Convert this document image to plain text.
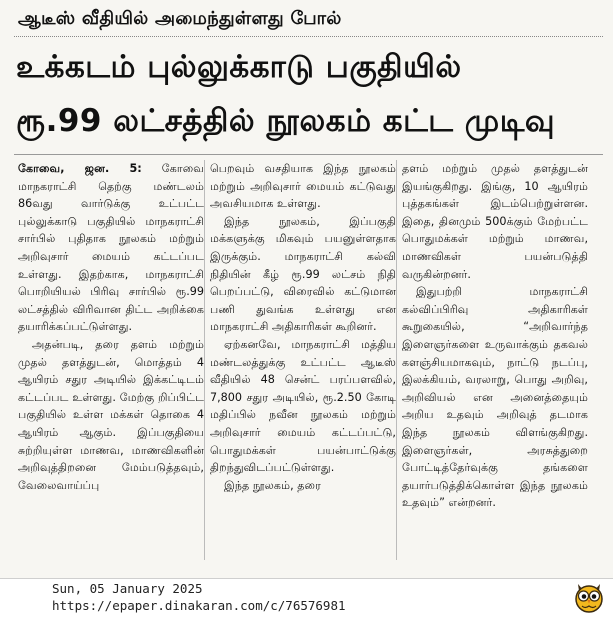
ஆடீஸ் வீதியில் அமைந்துள்ளது போல்
உக்கடம் புல்லுக்காடு பகுதியில்
ரூ.99 லட்சத்தில் நூலகம் கட்ட முடிவு

கோவை, ஜன. 5: கோவை மாநகராட்சி தெற்கு மண்டலம் 86வது வார்டுக்கு உட்பட்ட புல்லுக்காடு பகுதியில் மாநகராட்சி சார்பில் புதிதாக நூலகம் மற்றும் அறிவுசார் மையம் கட்டப்பட உள்ளது. இதற்காக, மாநகராட்சி பொறியியல் பிரிவு சார்பில் ரூ.99 லட்சத்தில் விரிவான திட்ட அறிக்கை தயாரிக்கப்பட்டுள்ளது.

அதன்படி, தரை தளம் மற்றும் முதல் தளத்துடன், மொத்தம் 4 ஆயிரம் சதுர அடியில் இக்கட்டிடம் கட்டப்பட உள்ளது. மேற்கு றிப்பிட்ட பகுதியில் உள்ள மக்கள் தொகை 4 ஆயிரம் ஆகும். இப்பகுதியை சுற்றியுள்ள மாணவ, மாணவிகளின் அறிவுத்திறனை மேம்படுத்தவும், வேலைவாய்ப்பு

பெறவும் வசதியாக இந்த நூலகம் மற்றும் அறிவுசார் மையம் கட்டுவது அவசியமாக உள்ளது.

இந்த நூலகம், இப்பகுதி மக்களுக்கு மிகவும் பயனுள்ளதாக இருக்கும். மாநகராட்சி கல்வி நிதியின் கீழ் ரூ.99 லட்சம் நிதி பெறப்பட்டு, விரைவில் கட்டுமான பணி துவங்க உள்ளது என மாநகராட்சி அதிகாரிகள் கூறினர்.

ஏற்கனவே, மாநகராட்சி மத்திய மண்டலத்துக்கு உட்பட்ட ஆடீஸ் வீதியில் 48 சென்ட் பரப்பளவில், 7,800 சதுர அடியில், ரூ.2.50 கோடி மதிப்பில் நவீன நூலகம் மற்றும் அறிவுசார் மையம் கட்டப்பட்டு, பொதுமக்கள் பயன்பாட்டுக்கு திறந்துவிடப்பட்டுள்ளது.

இந்த நூலகம், தரை

தளம் மற்றும் முதல் தளத்துடன் இயங்குகிறது. இங்கு, 10 ஆயிரம் புத்தகங்கள் இடம்பெற்றுள்ளன. இதை, தினமும் 500க்கும் மேற்பட்ட பொதுமக்கள் மற்றும் மாணவ, மாணவிகள் பயன்படுத்தி வருகின்றனர்.

இதுபற்றி மாநகராட்சி கல்விப்பிரிவு அதிகாரிகள் கூறுகையில், “அறிவார்ந்த இளைஞர்களை உருவாக்கும் தகவல் களஞ்சியமாகவும், நாட்டு நடப்பு, இலக்கியம், வரலாறு, பொது அறிவு, அறிவியல் என அனைத்தையும் அறிய உதவும் அறிவுத் தடமாக இந்த நூலகம் விளங்குகிறது. இளைஞர்கள், அரசுத்துறை போட்டித்தேர்வுக்கு தங்களை தயார்படுத்திக்கொள்ள இந்த நூலகம் உதவும்” என்றனர்.

Sun, 05 January 2025
https://epaper.dinakaran.com/c/76576981
